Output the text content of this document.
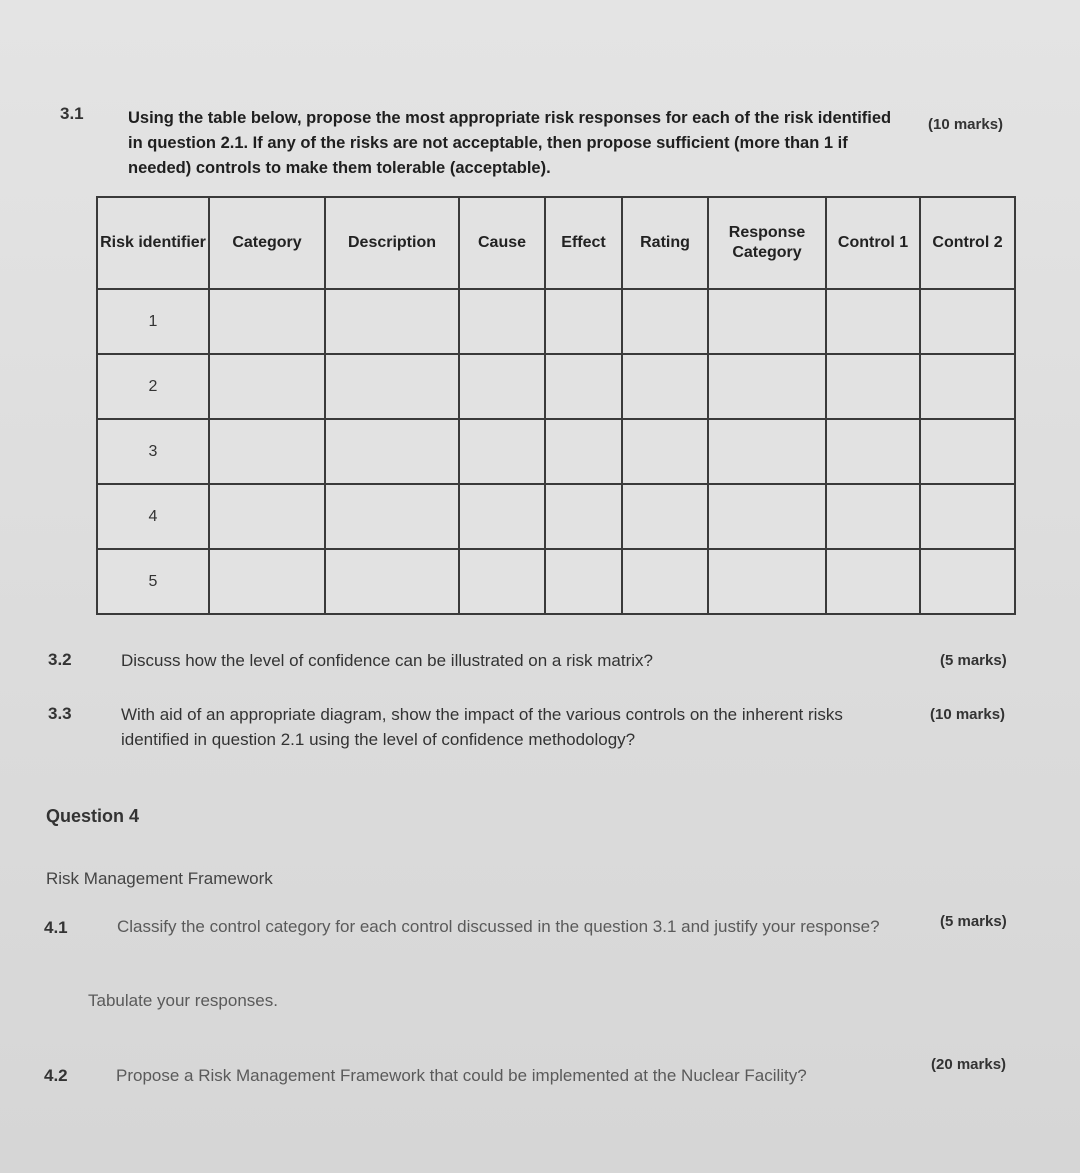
3.1	Using the table below, propose the most appropriate risk responses for each of the risk identified in question 2.1. If any of the risks are not acceptable, then propose sufficient (more than 1 if needed) controls to make them tolerable (acceptable).
(10 marks)
Risk identifier	Category	Description	Cause	Effect	Rating	Response Category	Control 1	Control 2
1								
2								
3								
4								
5								
3.2	Discuss how the level of confidence can be illustrated on a risk matrix?	(5 marks)
3.3	With aid of an appropriate diagram, show the impact of the various controls on the inherent risks identified in question 2.1 using the level of confidence methodology?
(10 marks)
Question 4
Risk Management Framework
4.1	Classify the control category for each control discussed in the question 3.1 and justify your response?	(5 marks)
Tabulate your responses.
4.2	Propose a Risk Management Framework that could be implemented at the Nuclear Facility?
(20 marks)
